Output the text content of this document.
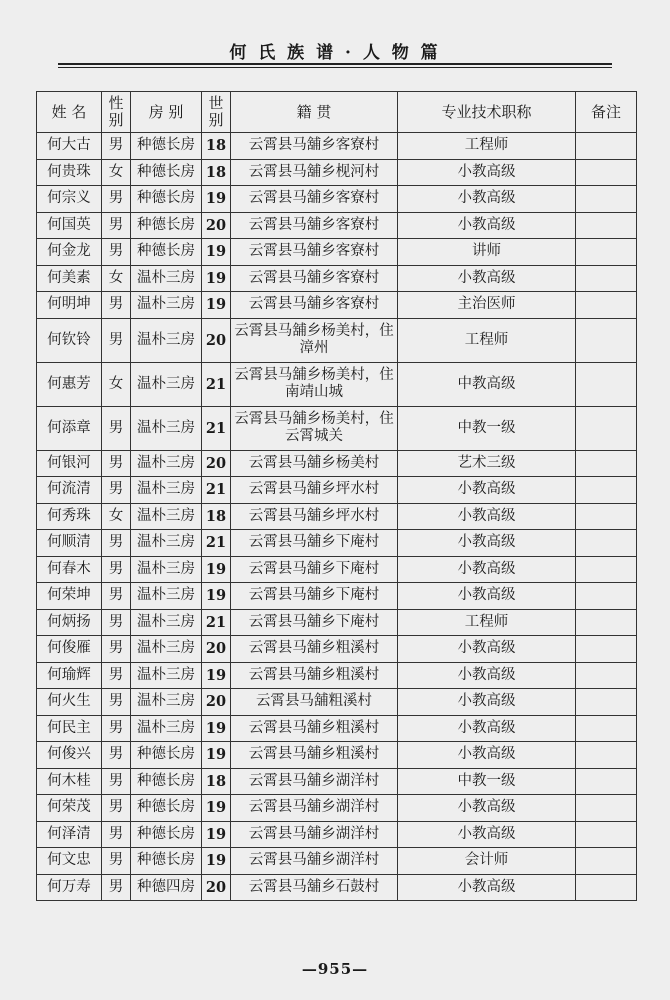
何 氏 族 谱 · 人 物 篇
姓 名	性 别	房 别	世 别	籍 贯	专业技术职称	备注
何大古	男	种德长房	18	云霄县马舖乡客寮村	工程师	
何贵珠	女	种德长房	18	云霄县马舖乡枧河村	小教高级	
何宗义	男	种德长房	19	云霄县马舖乡客寮村	小教高级	
何国英	男	种德长房	20	云霄县马舖乡客寮村	小教高级	
何金龙	男	种德长房	19	云霄县马舖乡客寮村	讲师	
何美素	女	温朴三房	19	云霄县马舖乡客寮村	小教高级	
何明坤	男	温朴三房	19	云霄县马舖乡客寮村	主治医师	
何钦铃	男	温朴三房	20	云霄县马舖乡杨美村，住漳州	工程师	
何惠芳	女	温朴三房	21	云霄县马舖乡杨美村，住南靖山城	中教高级	
何添章	男	温朴三房	21	云霄县马舖乡杨美村，住云霄城关	中教一级	
何银河	男	温朴三房	20	云霄县马舖乡杨美村	艺术三级	
何流清	男	温朴三房	21	云霄县马舖乡坪水村	小教高级	
何秀珠	女	温朴三房	18	云霄县马舖乡坪水村	小教高级	
何顺清	男	温朴三房	21	云霄县马舖乡下庵村	小教高级	
何春木	男	温朴三房	19	云霄县马舖乡下庵村	小教高级	
何荣坤	男	温朴三房	19	云霄县马舖乡下庵村	小教高级	
何炳扬	男	温朴三房	21	云霄县马舖乡下庵村	工程师	
何俊雁	男	温朴三房	20	云霄县马舖乡粗溪村	小教高级	
何瑜辉	男	温朴三房	19	云霄县马舖乡粗溪村	小教高级	
何火生	男	温朴三房	20	云霄县马舖粗溪村	小教高级	
何民主	男	温朴三房	19	云霄县马舖乡粗溪村	小教高级	
何俊兴	男	种德长房	19	云霄县马舖乡粗溪村	小教高级	
何木桂	男	种德长房	18	云霄县马舖乡湖洋村	中教一级	
何荣茂	男	种德长房	19	云霄县马舖乡湖洋村	小教高级	
何泽清	男	种德长房	19	云霄县马舖乡湖洋村	小教高级	
何文忠	男	种德长房	19	云霄县马舖乡湖洋村	会计师	
何万寿	男	种德四房	20	云霄县马舖乡石鼓村	小教高级	
—955—
